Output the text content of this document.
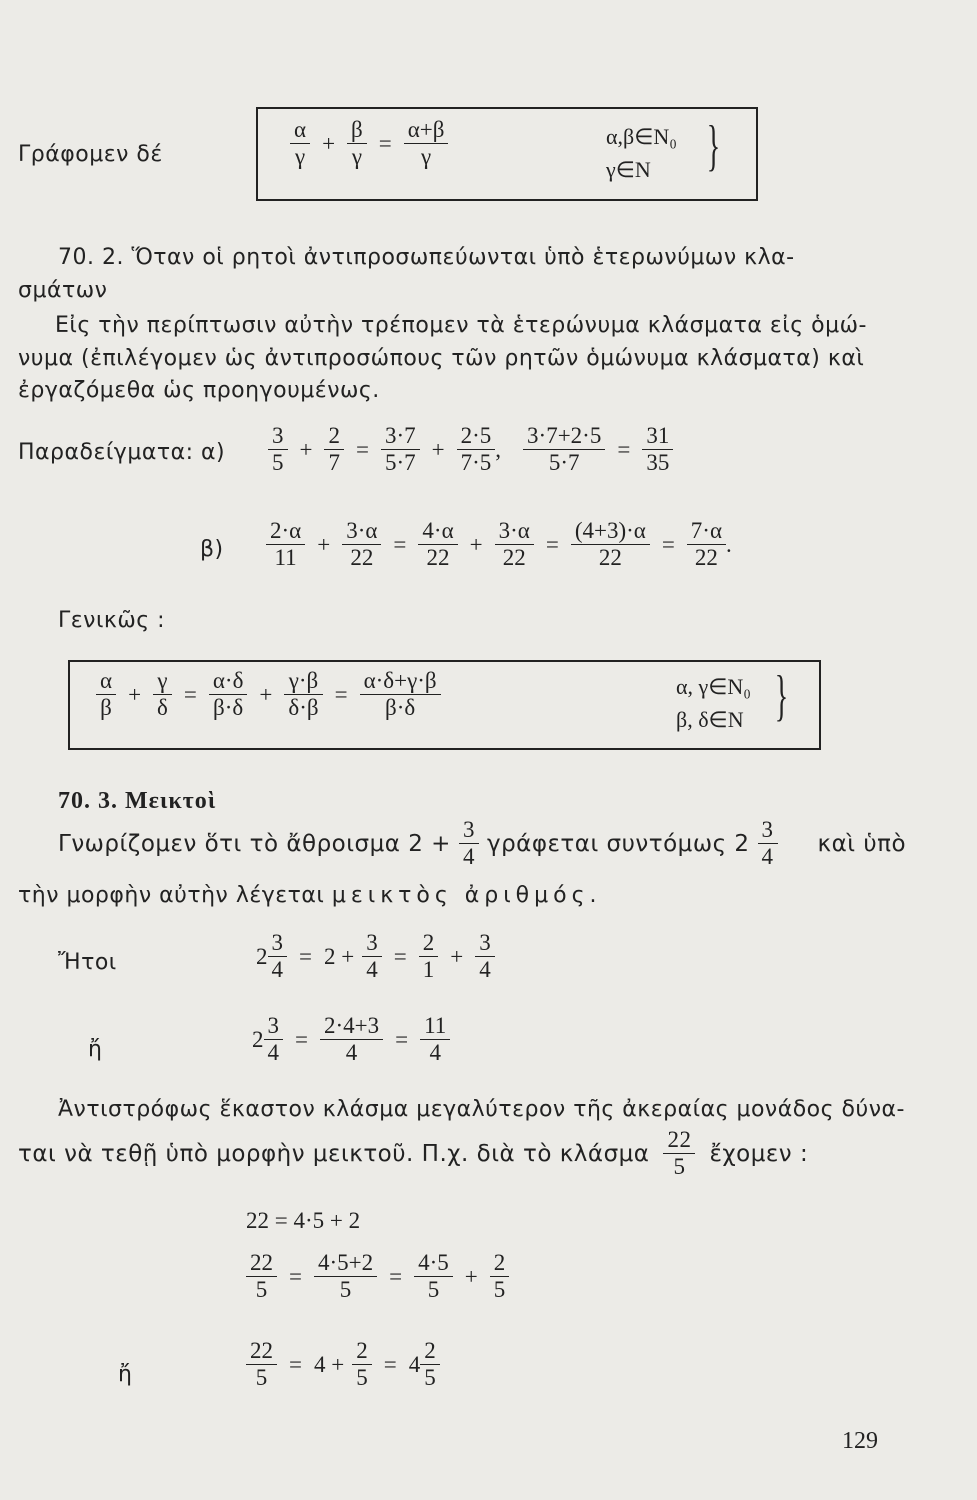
Γράφομεν δέ	$\frac{\alpha}{\gamma} + \frac{\beta}{\gamma} = \frac{\alpha+\beta}{\gamma}$	α,β∈N₀
γ∈N }
70. 2. Ὅταν οἱ ρητοὶ ἀντιπροσωπεύωνται ὑπὸ ἑτερωνύμων κλα-
σμάτων
Εἰς τὴν περίπτωσιν αὐτὴν τρέπομεν τὰ ἑτερώνυμα κλάσματα εἰς ὁμώ-
νυμα (ἐπιλέγομεν ὡς ἀντιπροσώπους τῶν ρητῶν ὁμώνυμα κλάσματα) καὶ
ἐργαζόμεθα ὡς προηγουμένως.
Παραδείγματα: $\alpha) \frac{3}{5} + \frac{2}{7} = \frac{3\cdot 7}{5\cdot 7} + \frac{2\cdot 5}{7\cdot 5}$ , $\frac{3\cdot 7+2\cdot 5}{5\cdot 7} = \frac{31}{35}$
$\beta) \frac{2\cdot\alpha}{11} + \frac{3\cdot\alpha}{22} = \frac{4\cdot\alpha}{22} + \frac{3\cdot\alpha}{22} = \frac{(4+3)\cdot\alpha}{22} = \frac{7\cdot\alpha}{22}$ .
Γενικῶς :
$\frac{\alpha}{\beta} + \frac{\gamma}{\delta} = \frac{\alpha\cdot\delta}{\beta\cdot\delta} + \frac{\gamma\cdot\beta}{\delta\cdot\beta} = \frac{\alpha\cdot\delta+\gamma\cdot\beta}{\beta\cdot\delta}$	α, γ∈N₀
β, δ∈N }
70. 3. Μεικτοὶ
Γνωρίζομεν ὅτι τὸ ἄθροισμα $2 + \frac{3}{4}$ γράφεται συντόμως $2 \frac{3}{4}$ καὶ ὑπὸ
τὴν μορφὴν αὐτὴν λέγεται μεικτὸς ἀριθμός.
Ἤτοι	$2 \frac{3}{4} = 2 + \frac{3}{4} = \frac{2}{1} + \frac{3}{4}$
ἤ	$2 \frac{3}{4} = \frac{2\cdot 4+3}{4} = \frac{11}{4}$
Ἀντιστρόφως ἕκαστον κλάσμα μεγαλύτερον τῆς ἀκεραίας μονάδος δύνα-
ται νὰ τεθῇ ὑπὸ μορφὴν μεικτοῦ. Π.χ. διὰ τὸ κλάσμα $\frac{22}{5}$ ἔχομεν :
22 = 4·5 + 2
$\frac{22}{5} = \frac{4\cdot 5+2}{5} = \frac{4\cdot 5}{5} + \frac{2}{5}$
ἤ	$\frac{22}{5} = 4 + \frac{2}{5} = 4 \frac{2}{5}$
129
